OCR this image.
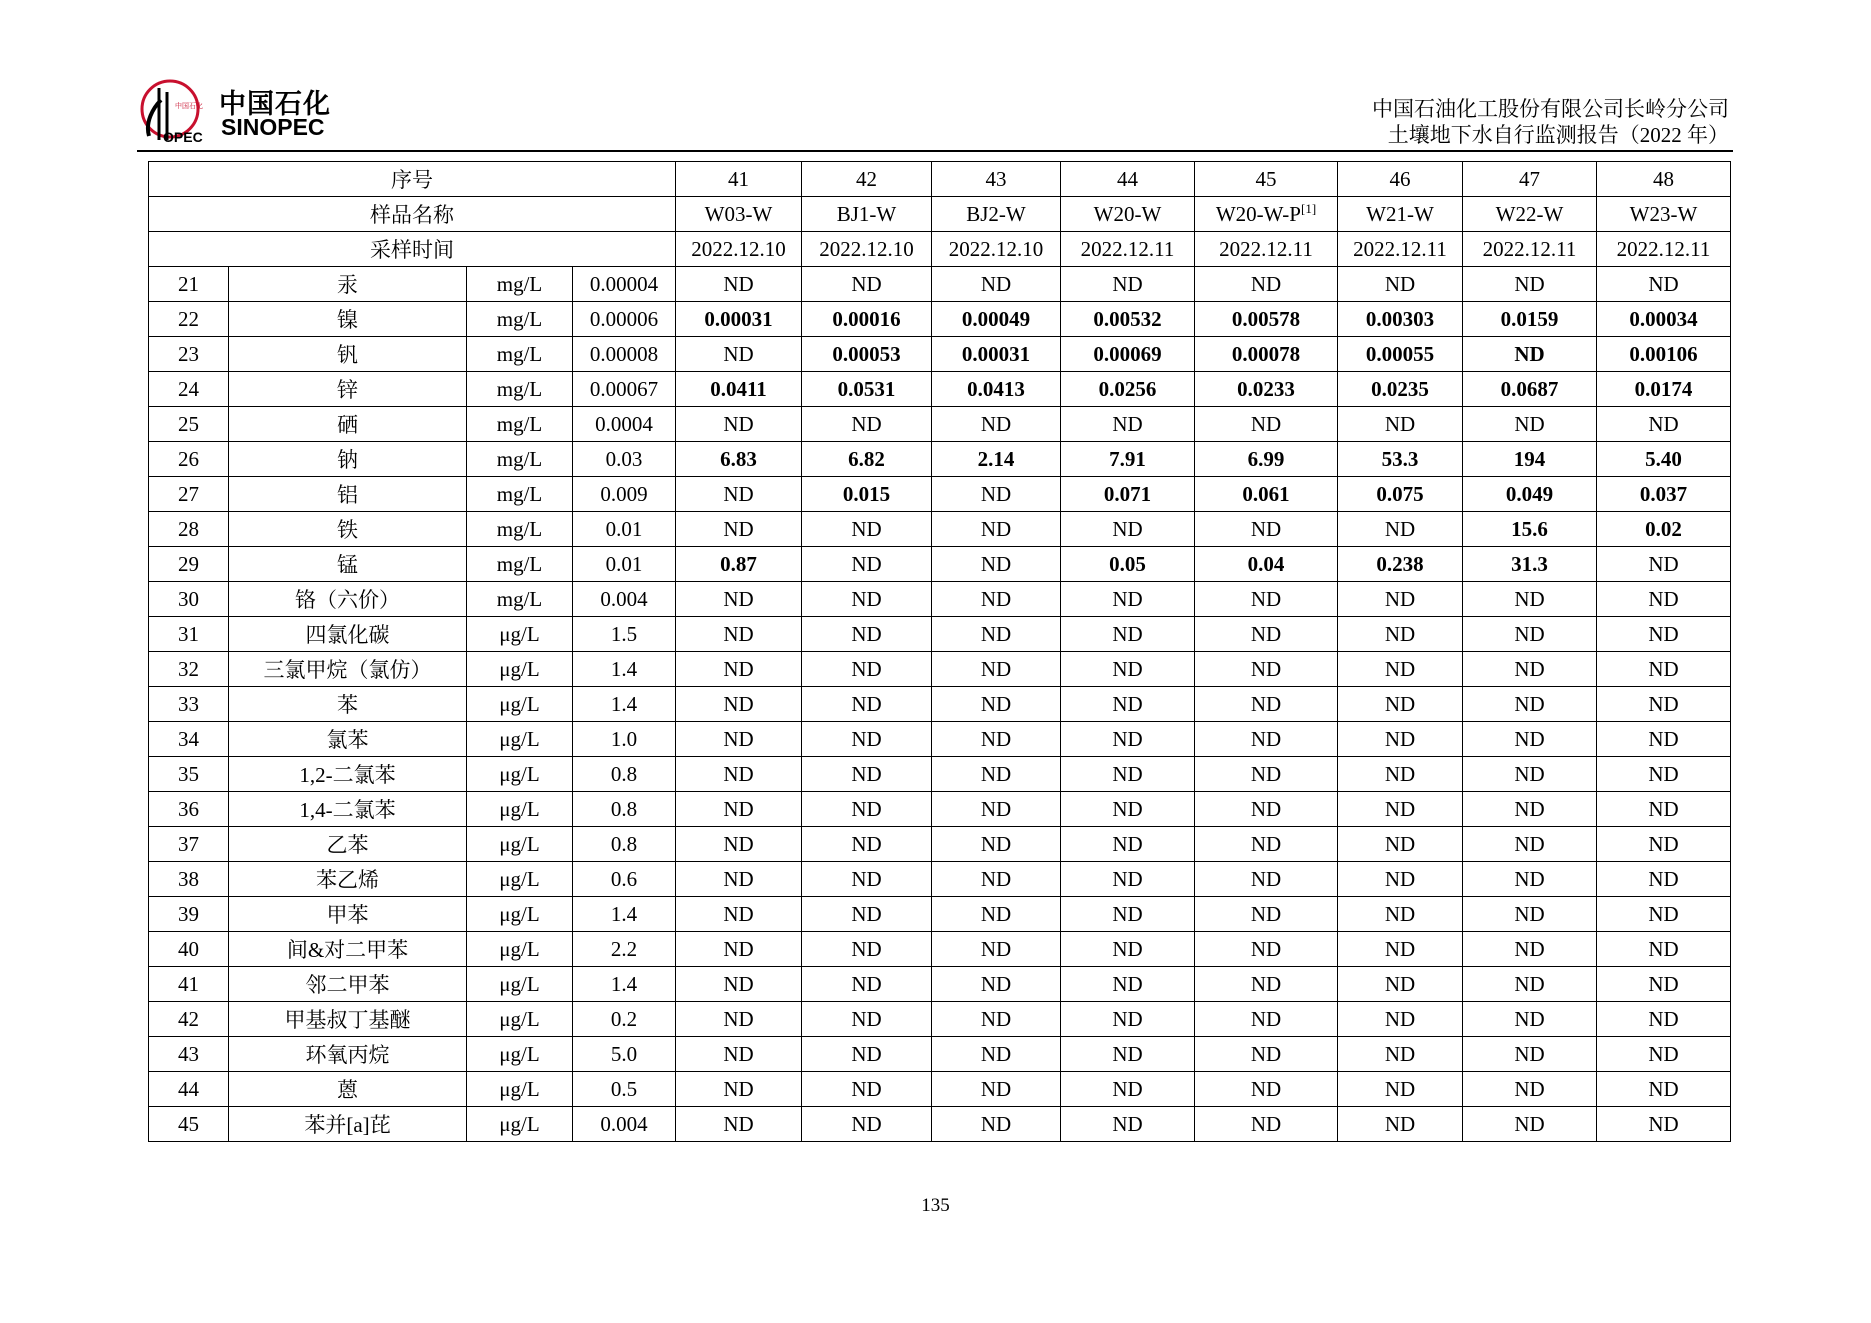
中国石化
OPEC
中国石化
SINOPEC
中国石油化工股份有限公司长岭分公司
土壤地下水自行监测报告（2022 年）
序号				41	42	43	44	45	46	47	48
样品名称				W03-W	BJ1-W	BJ2-W	W20-W	W20-W-P[1]	W21-W	W22-W	W23-W
采样时间				2022.12.10	2022.12.10	2022.12.10	2022.12.11	2022.12.11	2022.12.11	2022.12.11	2022.12.11
21	汞	mg/L	0.00004	ND	ND	ND	ND	ND	ND	ND	ND
22	镍	mg/L	0.00006	0.00031	0.00016	0.00049	0.00532	0.00578	0.00303	0.0159	0.00034
23	钒	mg/L	0.00008	ND	0.00053	0.00031	0.00069	0.00078	0.00055	ND	0.00106
24	锌	mg/L	0.00067	0.0411	0.0531	0.0413	0.0256	0.0233	0.0235	0.0687	0.0174
25	硒	mg/L	0.0004	ND	ND	ND	ND	ND	ND	ND	ND
26	钠	mg/L	0.03	6.83	6.82	2.14	7.91	6.99	53.3	194	5.40
27	铝	mg/L	0.009	ND	0.015	ND	0.071	0.061	0.075	0.049	0.037
28	铁	mg/L	0.01	ND	ND	ND	ND	ND	ND	15.6	0.02
29	锰	mg/L	0.01	0.87	ND	ND	0.05	0.04	0.238	31.3	ND
30	铬（六价）	mg/L	0.004	ND	ND	ND	ND	ND	ND	ND	ND
31	四氯化碳	μg/L	1.5	ND	ND	ND	ND	ND	ND	ND	ND
32	三氯甲烷（氯仿）	μg/L	1.4	ND	ND	ND	ND	ND	ND	ND	ND
33	苯	μg/L	1.4	ND	ND	ND	ND	ND	ND	ND	ND
34	氯苯	μg/L	1.0	ND	ND	ND	ND	ND	ND	ND	ND
35	1,2-二氯苯	μg/L	0.8	ND	ND	ND	ND	ND	ND	ND	ND
36	1,4-二氯苯	μg/L	0.8	ND	ND	ND	ND	ND	ND	ND	ND
37	乙苯	μg/L	0.8	ND	ND	ND	ND	ND	ND	ND	ND
38	苯乙烯	μg/L	0.6	ND	ND	ND	ND	ND	ND	ND	ND
39	甲苯	μg/L	1.4	ND	ND	ND	ND	ND	ND	ND	ND
40	间&对二甲苯	μg/L	2.2	ND	ND	ND	ND	ND	ND	ND	ND
41	邻二甲苯	μg/L	1.4	ND	ND	ND	ND	ND	ND	ND	ND
42	甲基叔丁基醚	μg/L	0.2	ND	ND	ND	ND	ND	ND	ND	ND
43	环氧丙烷	μg/L	5.0	ND	ND	ND	ND	ND	ND	ND	ND
44	蒽	μg/L	0.5	ND	ND	ND	ND	ND	ND	ND	ND
45	苯并[a]芘	μg/L	0.004	ND	ND	ND	ND	ND	ND	ND	ND
135
